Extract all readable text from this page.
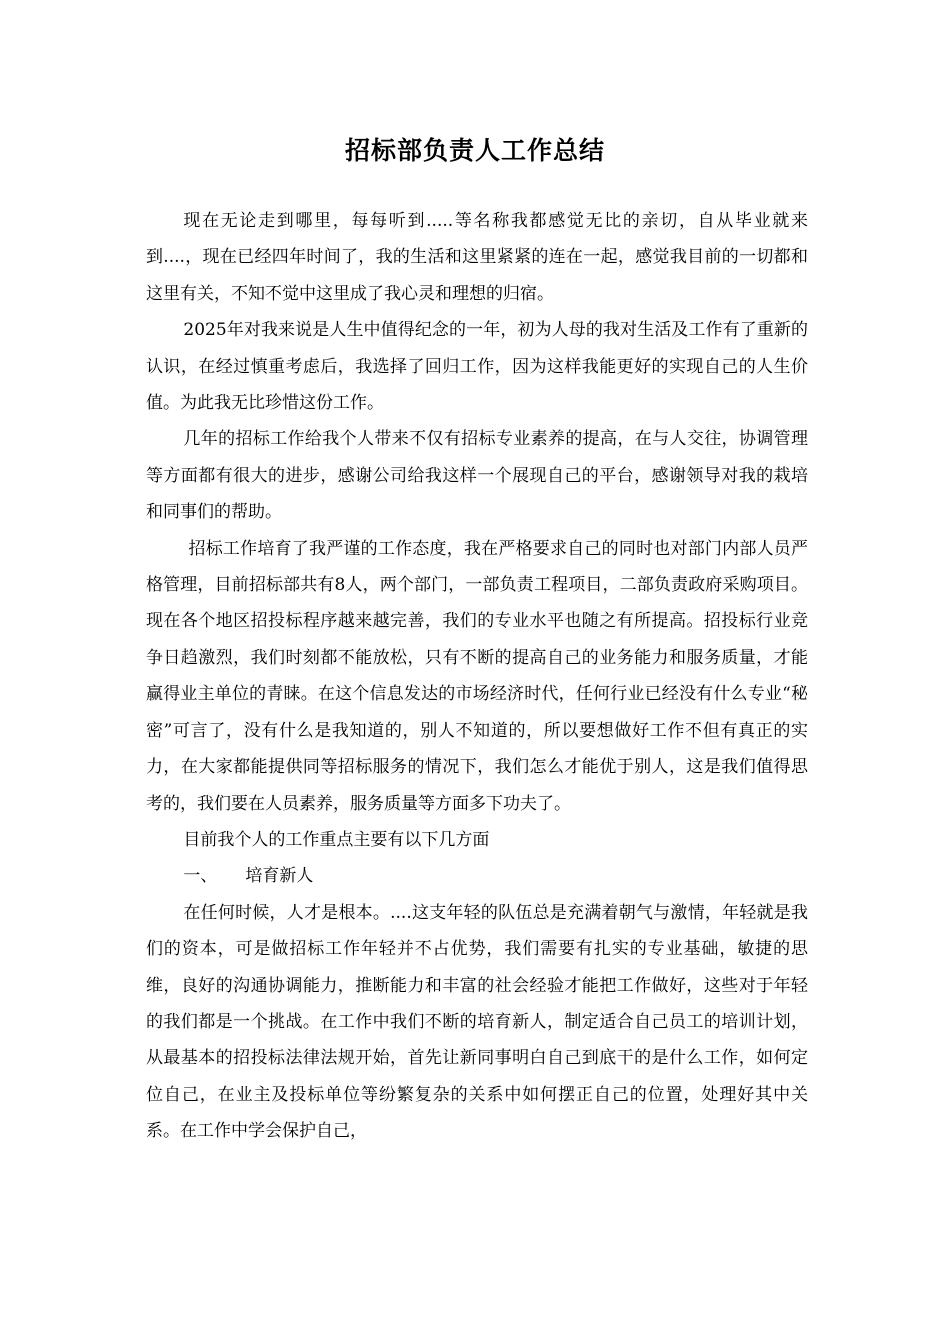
招标部负责人工作总结

现在无论走到哪里，每每听到.....等名称我都感觉无比的亲切，自从毕业就来到....，现在已经四年时间了，我的生活和这里紧紧的连在一起，感觉我目前的一切都和这里有关，不知不觉中这里成了我心灵和理想的归宿。

2025年对我来说是人生中值得纪念的一年，初为人母的我对生活及工作有了重新的认识，在经过慎重考虑后，我选择了回归工作，因为这样我能更好的实现自己的人生价值。为此我无比珍惜这份工作。

几年的招标工作给我个人带来不仅有招标专业素养的提高，在与人交往，协调管理等方面都有很大的进步，感谢公司给我这样一个展现自己的平台，感谢领导对我的栽培和同事们的帮助。

招标工作培育了我严谨的工作态度，我在严格要求自己的同时也对部门内部人员严格管理，目前招标部共有8人，两个部门，一部负责工程项目，二部负责政府采购项目。现在各个地区招投标程序越来越完善，我们的专业水平也随之有所提高。招投标行业竞争日趋激烈，我们时刻都不能放松，只有不断的提高自己的业务能力和服务质量，才能赢得业主单位的青睐。在这个信息发达的市场经济时代，任何行业已经没有什么专业“秘密”可言了，没有什么是我知道的，别人不知道的，所以要想做好工作不但有真正的实力，在大家都能提供同等招标服务的情况下，我们怎么才能优于别人，这是我们值得思考的，我们要在人员素养，服务质量等方面多下功夫了。

目前我个人的工作重点主要有以下几方面

一、 培育新人

在任何时候，人才是根本。....这支年轻的队伍总是充满着朝气与激情，年轻就是我们的资本，可是做招标工作年轻并不占优势，我们需要有扎实的专业基础，敏捷的思维，良好的沟通协调能力，推断能力和丰富的社会经验才能把工作做好，这些对于年轻的我们都是一个挑战。在工作中我们不断的培育新人，制定适合自己员工的培训计划，从最基本的招投标法律法规开始，首先让新同事明白自己到底干的是什么工作，如何定位自己，在业主及投标单位等纷繁复杂的关系中如何摆正自己的位置，处理好其中关系。在工作中学会保护自己，
